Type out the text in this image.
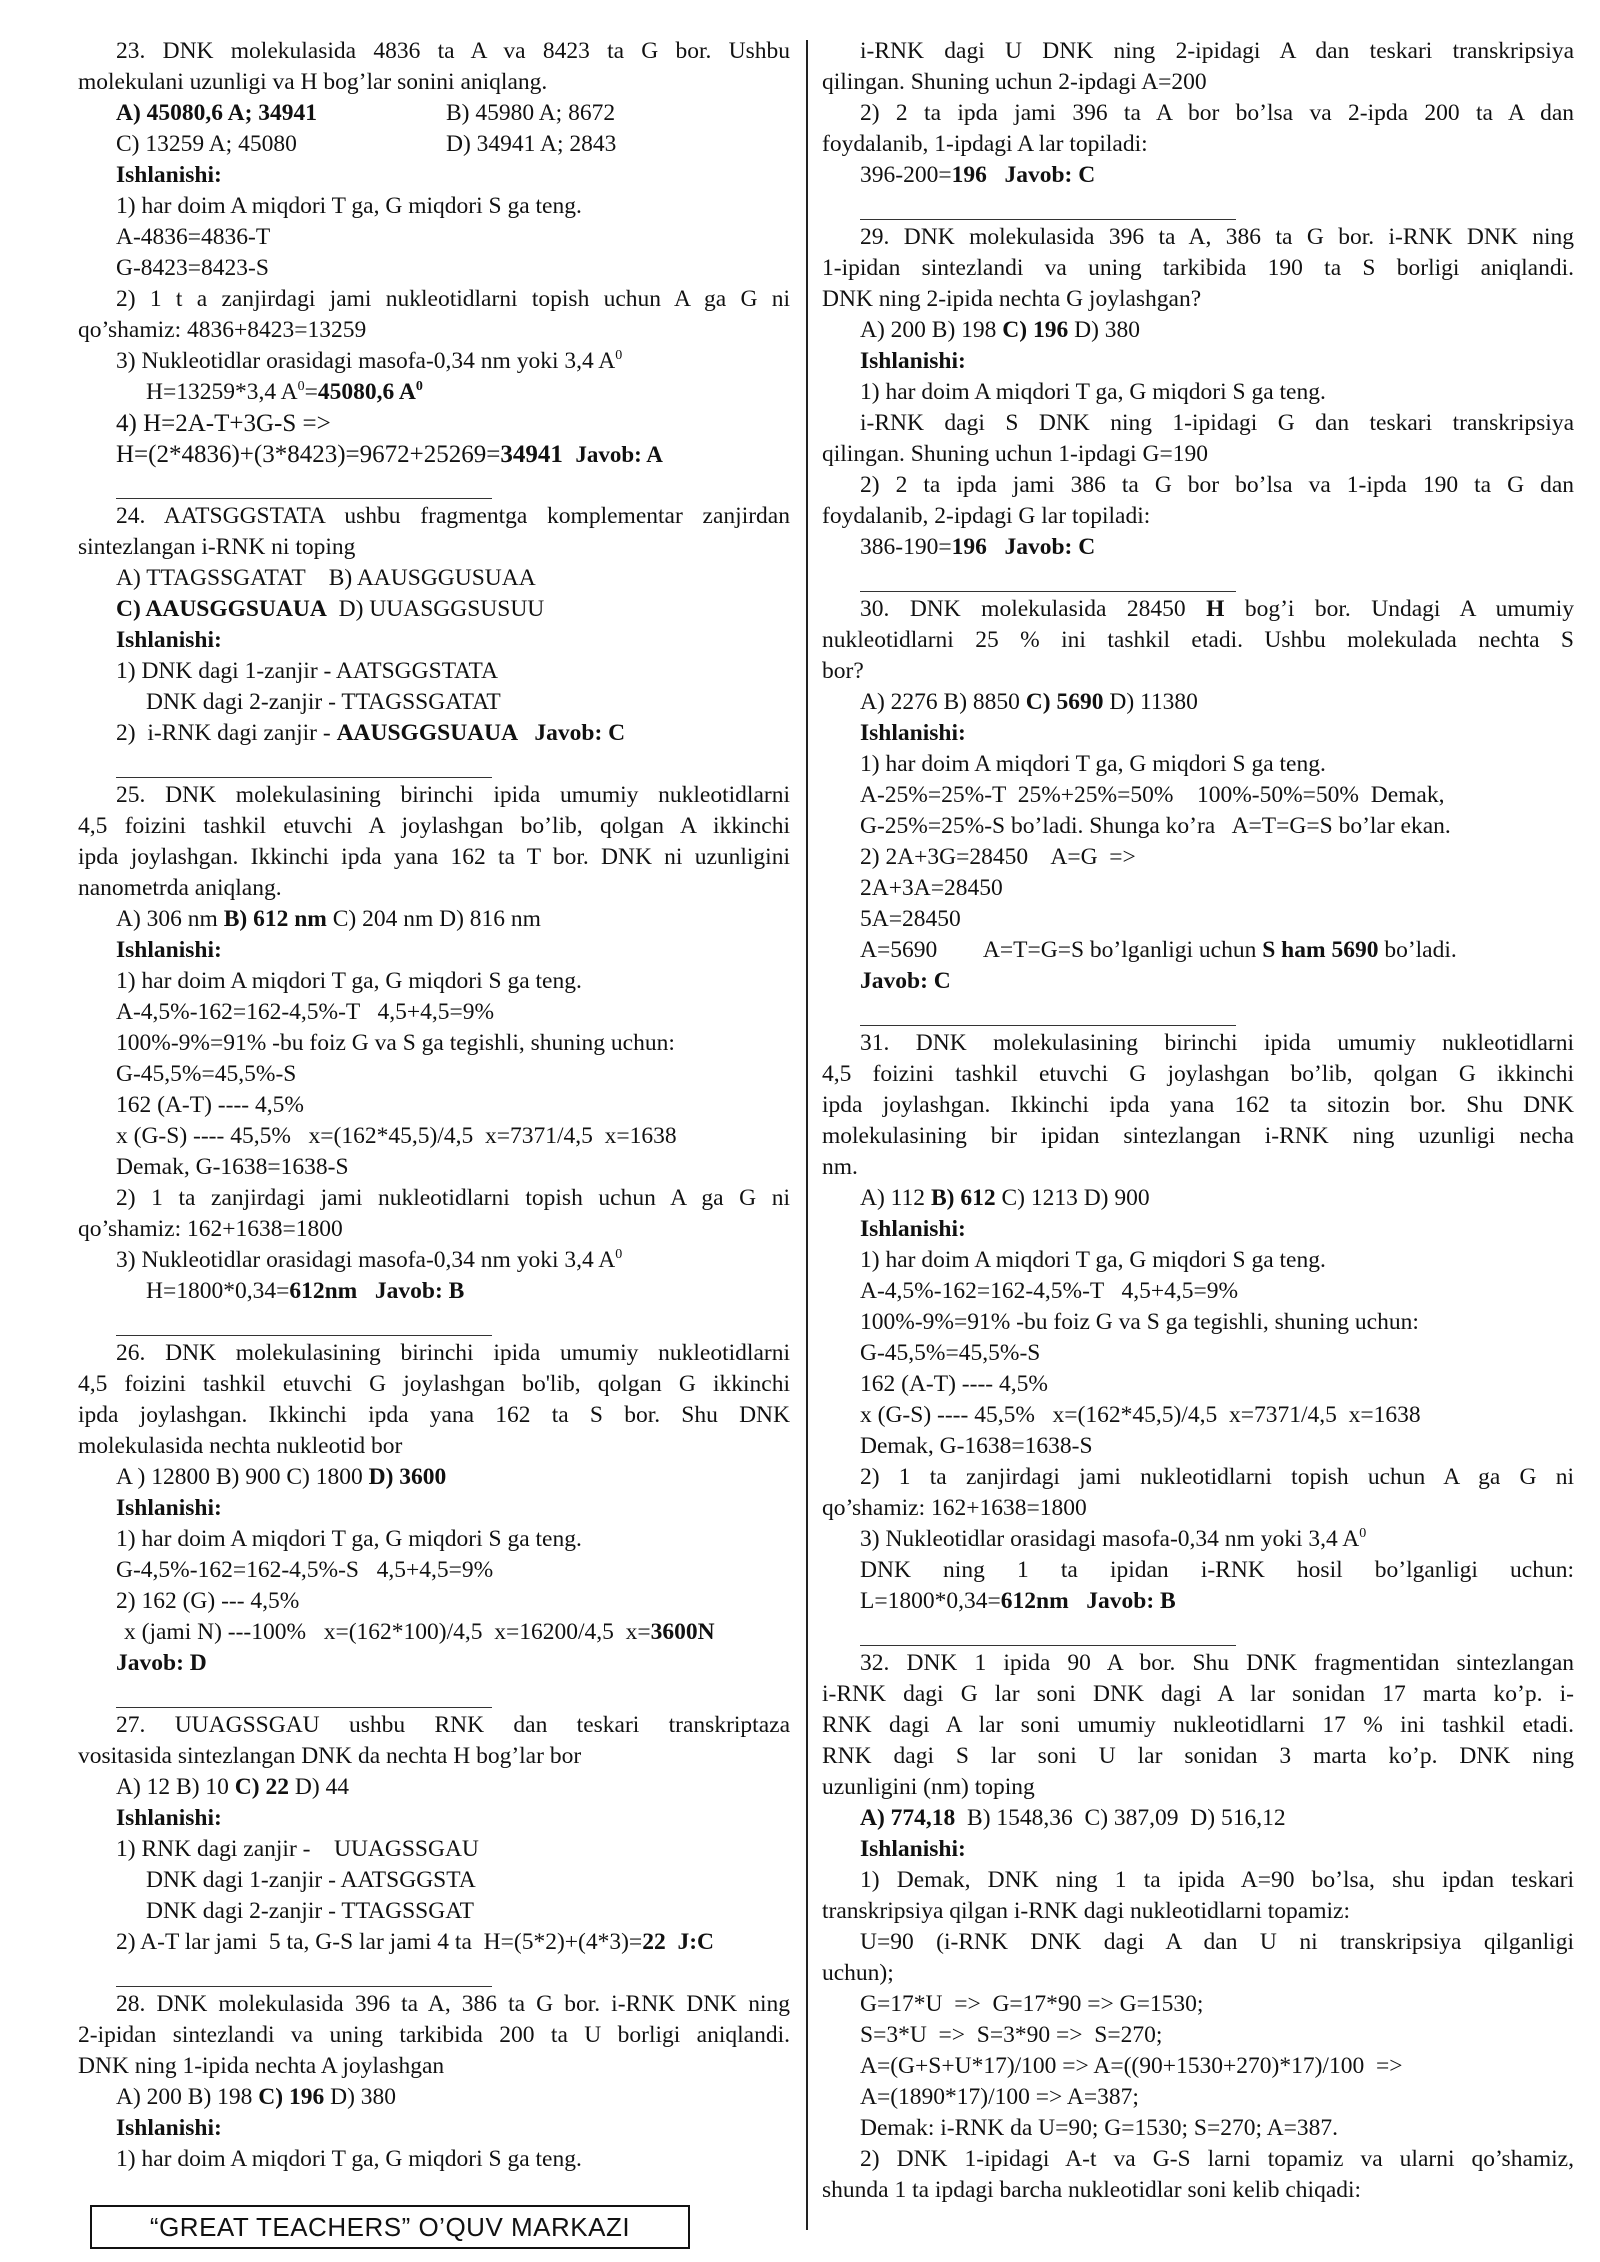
23. DNK molekulasida 4836 ta A va 8423 ta G bor. Ushbu

molekulani uzunligi va H bog’lar sonini aniqlang.

A) 45080,6 A; 34941	B) 45980 A; 8672
C) 13259 A; 45080	D) 34941 A; 2843

Ishlanishi:

1) har doim A miqdori T ga, G miqdori S ga teng.

A-4836=4836-T

G-8423=8423-S

2) 1 t a zanjirdagi jami nukleotidlarni topish uchun A ga G ni

qo’shamiz: 4836+8423=13259

3) Nukleotidlar orasidagi masofa-0,34 nm yoki 3,4 $A^0$

H=13259*3,4 $A^0=45080,6$ $A^0$

4) H=2A-T+3G-S =>

H=(2*4836)+(3*8423)=9672+25269=34941 Javob: A

24. AATSGGSTATA ushbu fragmentga komplementar zanjirdan

sintezlangan i-RNK ni toping

A) TTAGSSGATAT    B) AAUSGGUSUAA

C) AAUSGGSUAUA D) UUASGGSUSUU

Ishlanishi:

1) DNK dagi 1-zanjir - AATSGGSTATA

DNK dagi 2-zanjir - TTAGSSGATAT

2)  i-RNK dagi zanjir - AAUSGGSUAUA   Javob: C

25. DNK molekulasining birinchi ipida umumiy nukleotidlarni

4,5 foizini tashkil etuvchi A joylashgan bo’lib, qolgan A ikkinchi

ipda joylashgan. Ikkinchi ipda yana 162 ta T bor. DNK ni uzunligini

nanometrda aniqlang.

A) 306 nm B) 612 nm C) 204 nm D) 816 nm

Ishlanishi:

1) har doim A miqdori T ga, G miqdori S ga teng.

A-4,5%-162=162-4,5%-T   4,5+4,5=9%

100%-9%=91% -bu foiz G va S ga tegishli, shuning uchun:

G-45,5%=45,5%-S

162 (A-T) ---- 4,5%

x (G-S) ---- 45,5%   x=(162*45,5)/4,5  x=7371/4,5  x=1638

Demak, G-1638=1638-S

2) 1 ta zanjirdagi jami nukleotidlarni topish uchun A ga G ni

qo’shamiz: 162+1638=1800

3) Nukleotidlar orasidagi masofa-0,34 nm yoki 3,4 $A^0$

H=1800*0,34=612nm   Javob: B

26. DNK molekulasining birinchi ipida umumiy nukleotidlarni

4,5 foizini tashkil etuvchi G joylashgan bo'lib, qolgan G ikkinchi

ipda joylashgan. Ikkinchi ipda yana 162 ta S bor. Shu DNK

molekulasida nechta nukleotid bor

A ) 12800 B) 900 C) 1800 D) 3600

Ishlanishi:

1) har doim A miqdori T ga, G miqdori S ga teng.

G-4,5%-162=162-4,5%-S   4,5+4,5=9%

2) 162 (G) --- 4,5%

x (jami N) ---100%   x=(162*100)/4,5  x=16200/4,5  x=3600N

Javob: D

27. UUAGSSGAU ushbu RNK dan teskari transkriptaza

vositasida sintezlangan DNK da nechta H bog’lar bor

A) 12 B) 10 C) 22 D) 44

Ishlanishi:

1) RNK dagi zanjir -    UUAGSSGAU

DNK dagi 1-zanjir - AATSGGSTA

DNK dagi 2-zanjir - TTAGSSGAT

2) A-T lar jami  5 ta, G-S lar jami 4 ta  H=(5*2)+(4*3)=22  J:C

28. DNK molekulasida 396 ta A, 386 ta G bor. i-RNK DNK ning

2-ipidan sintezlandi va uning tarkibida 200 ta U borligi aniqlandi.

DNK ning 1-ipida nechta A joylashgan

A) 200 B) 198 C) 196 D) 380

Ishlanishi:

1) har doim A miqdori T ga, G miqdori S ga teng.

i-RNK dagi U DNK ning 2-ipidagi A dan teskari transkripsiya

qilingan. Shuning uchun 2-ipdagi A=200

2) 2 ta ipda jami 396 ta A bor bo’lsa va 2-ipda 200 ta A dan

foydalanib, 1-ipdagi A lar topiladi:

396-200=196   Javob: C

29. DNK molekulasida 396 ta A, 386 ta G bor. i-RNK DNK ning

1-ipidan sintezlandi va uning tarkibida 190 ta S borligi aniqlandi.

DNK ning 2-ipida nechta G joylashgan?

A) 200 B) 198 C) 196 D) 380

Ishlanishi:

1) har doim A miqdori T ga, G miqdori S ga teng.

i-RNK dagi S DNK ning 1-ipidagi G dan teskari transkripsiya

qilingan. Shuning uchun 1-ipdagi G=190

2) 2 ta ipda jami 386 ta G bor bo’lsa va 1-ipda 190 ta G dan

foydalanib, 2-ipdagi G lar topiladi:

386-190=196   Javob: C

30. DNK molekulasida 28450 H bog’i bor. Undagi A umumiy

nukleotidlarni 25 % ini tashkil etadi. Ushbu molekulada nechta S

bor?

A) 2276 B) 8850 C) 5690 D) 11380

Ishlanishi:

1) har doim A miqdori T ga, G miqdori S ga teng.

A-25%=25%-T  25%+25%=50%    100%-50%=50%  Demak,

G-25%=25%-S bo’ladi. Shunga ko’ra   A=T=G=S bo’lar ekan.

2) 2A+3G=28450    A=G  =>

2A+3A=28450

5A=28450

A=5690        A=T=G=S bo’lganligi uchun S ham 5690 bo’ladi.

Javob: C

31. DNK molekulasining birinchi ipida umumiy nukleotidlarni

4,5 foizini tashkil etuvchi G joylashgan bo’lib, qolgan G ikkinchi

ipda joylashgan. Ikkinchi ipda yana 162 ta sitozin bor. Shu DNK

molekulasining bir ipidan sintezlangan i-RNK ning uzunligi necha

nm.

A) 112 B) 612 C) 1213 D) 900

Ishlanishi:

1) har doim A miqdori T ga, G miqdori S ga teng.

A-4,5%-162=162-4,5%-T   4,5+4,5=9%

100%-9%=91% -bu foiz G va S ga tegishli, shuning uchun:

G-45,5%=45,5%-S

162 (A-T) ---- 4,5%

x (G-S) ---- 45,5%   x=(162*45,5)/4,5  x=7371/4,5  x=1638

Demak, G-1638=1638-S

2) 1 ta zanjirdagi jami nukleotidlarni topish uchun A ga G ni

qo’shamiz: 162+1638=1800

3) Nukleotidlar orasidagi masofa-0,34 nm yoki 3,4 $A^0$

DNK ning 1 ta ipidan i-RNK hosil bo’lganligi uchun:

L=1800*0,34=612nm   Javob: B

32. DNK 1 ipida 90 A bor. Shu DNK fragmentidan sintezlangan

i-RNK dagi G lar soni DNK dagi A lar sonidan 17 marta ko’p. i-

RNK dagi A lar soni umumiy nukleotidlarni 17 % ini tashkil etadi.

RNK dagi S lar soni U lar sonidan 3 marta ko’p. DNK ning

uzunligini (nm) toping

A) 774,18  B) 1548,36  C) 387,09  D) 516,12

Ishlanishi:

1) Demak, DNK ning 1 ta ipida A=90 bo’lsa, shu ipdan teskari

transkripsiya qilgan i-RNK dagi nukleotidlarni topamiz:

U=90 (i-RNK DNK dagi A dan U ni transkripsiya qilganligi

uchun);

G=17*U  =>  G=17*90 => G=1530;

S=3*U  =>  S=3*90 =>  S=270;

A=(G+S+U*17)/100 => A=((90+1530+270)*17)/100  =>

A=(1890*17)/100 => A=387;

Demak: i-RNK da U=90; G=1530; S=270; A=387.

2) DNK 1-ipidagi A-t va G-S larni topamiz va ularni qo’shamiz,

shunda 1 ta ipdagi barcha nukleotidlar soni kelib chiqadi:

“GREAT TEACHERS” O’QUV MARKAZI
